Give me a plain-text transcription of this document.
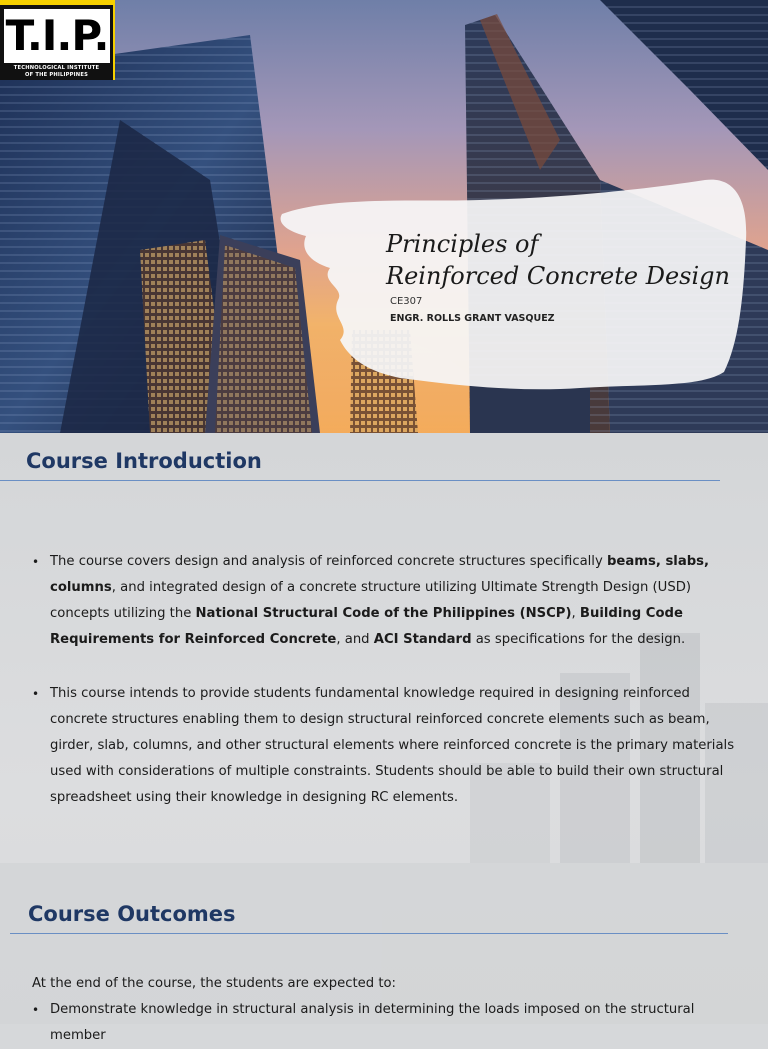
T.I.P.
TECHNOLOGICAL INSTITUTE
OF THE PHILIPPINES
Principles of
Reinforced Concrete Design
CE307
ENGR. ROLLS GRANT VASQUEZ
Course Introduction
• The course covers design and analysis of reinforced concrete structures specifically beams, slabs, columns, and integrated design of a concrete structure utilizing Ultimate Strength Design (USD) concepts utilizing the National Structural Code of the Philippines (NSCP), Building Code Requirements for Reinforced Concrete, and ACI Standard as specifications for the design.
• This course intends to provide students fundamental knowledge required in designing reinforced concrete structures enabling them to design structural reinforced concrete elements such as beam, girder, slab, columns, and other structural elements where reinforced concrete is the primary materials used with considerations of multiple constraints. Students should be able to build their own structural spreadsheet using their knowledge in designing RC elements.
Course Outcomes
At the end of the course, the students are expected to:
• Demonstrate knowledge in structural analysis in determining the loads imposed on the structural member
